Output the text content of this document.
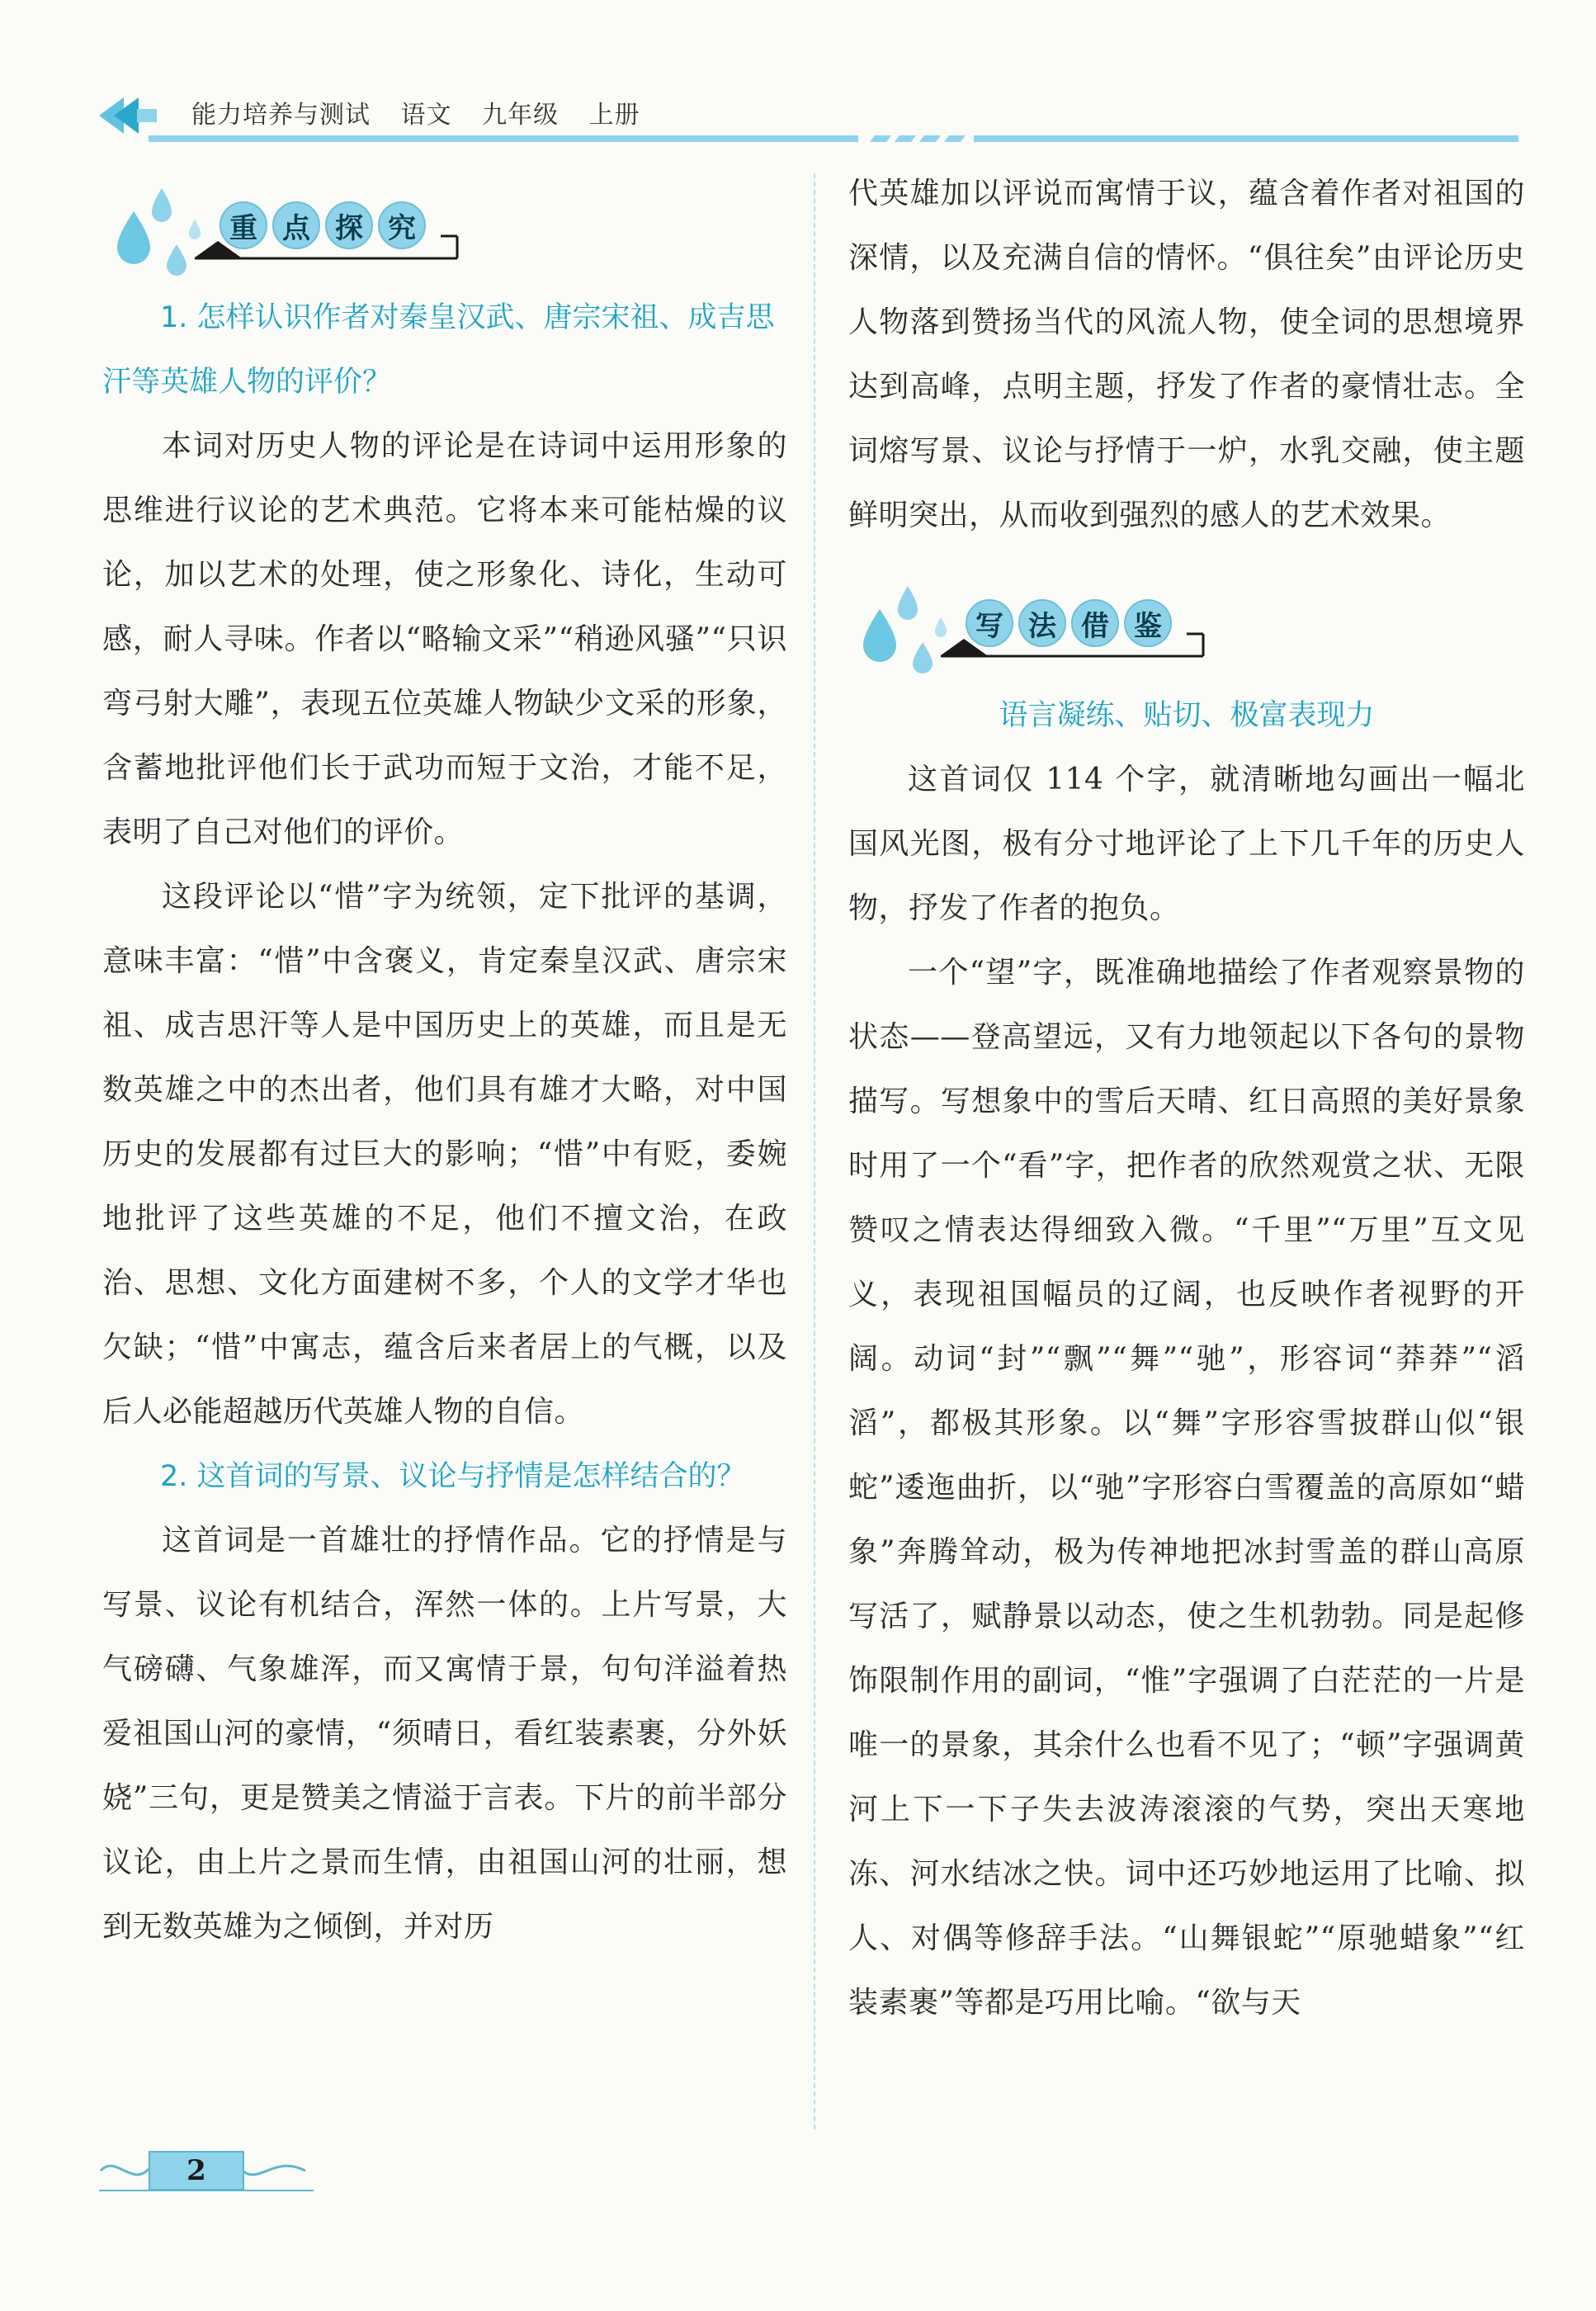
能力培养与测试 语文 九年级 上册
重 点 探 究

1. 怎样认识作者对秦皇汉武、唐宗宋祖、成吉思汗等英雄人物的评价？

本词对历史人物的评论是在诗词中运用形象的思维进行议论的艺术典范。它将本来可能枯燥的议论，加以艺术的处理，使之形象化、诗化，生动可感，耐人寻味。作者以“略输文采”“稍逊风骚”“只识弯弓射大雕”，表现五位英雄人物缺少文采的形象，含蓄地批评他们长于武功而短于文治，才能不足，表明了自己对他们的评价。

这段评论以“惜”字为统领，定下批评的基调，意味丰富：“惜”中含褒义，肯定秦皇汉武、唐宗宋祖、成吉思汗等人是中国历史上的英雄，而且是无数英雄之中的杰出者，他们具有雄才大略，对中国历史的发展都有过巨大的影响；“惜”中有贬，委婉地批评了这些英雄的不足，他们不擅文治，在政治、思想、文化方面建树不多，个人的文学才华也欠缺；“惜”中寓志，蕴含后来者居上的气概，以及后人必能超越历代英雄人物的自信。

2. 这首词的写景、议论与抒情是怎样结合的？

这首词是一首雄壮的抒情作品。它的抒情是与写景、议论有机结合，浑然一体的。上片写景，大气磅礴、气象雄浑，而又寓情于景，句句洋溢着热爱祖国山河的豪情，“须晴日，看红装素裹，分外妖娆”三句，更是赞美之情溢于言表。下片的前半部分议论，由上片之景而生情，由祖国山河的壮丽，想到无数英雄为之倾倒，并对历

代英雄加以评说而寓情于议，蕴含着作者对祖国的深情，以及充满自信的情怀。“俱往矣”由评论历史人物落到赞扬当代的风流人物，使全词的思想境界达到高峰，点明主题，抒发了作者的豪情壮志。全词熔写景、议论与抒情于一炉，水乳交融，使主题鲜明突出，从而收到强烈的感人的艺术效果。

写 法 借 鉴

语言凝练、贴切、极富表现力

这首词仅 114 个字，就清晰地勾画出一幅北国风光图，极有分寸地评论了上下几千年的历史人物，抒发了作者的抱负。

一个“望”字，既准确地描绘了作者观察景物的状态——登高望远，又有力地领起以下各句的景物描写。写想象中的雪后天晴、红日高照的美好景象时用了一个“看”字，把作者的欣然观赏之状、无限赞叹之情表达得细致入微。“千里”“万里”互文见义，表现祖国幅员的辽阔，也反映作者视野的开阔。动词“封”“飘”“舞”“驰”，形容词“莽莽”“滔滔”，都极其形象。以“舞”字形容雪披群山似“银蛇”逶迤曲折，以“驰”字形容白雪覆盖的高原如“蜡象”奔腾耸动，极为传神地把冰封雪盖的群山高原写活了，赋静景以动态，使之生机勃勃。同是起修饰限制作用的副词，“惟”字强调了白茫茫的一片是唯一的景象，其余什么也看不见了；“顿”字强调黄河上下一下子失去波涛滚滚的气势，突出天寒地冻、河水结冰之快。词中还巧妙地运用了比喻、拟人、对偶等修辞手法。“山舞银蛇”“原驰蜡象”“红装素裹”等都是巧用比喻。“欲与天

2
